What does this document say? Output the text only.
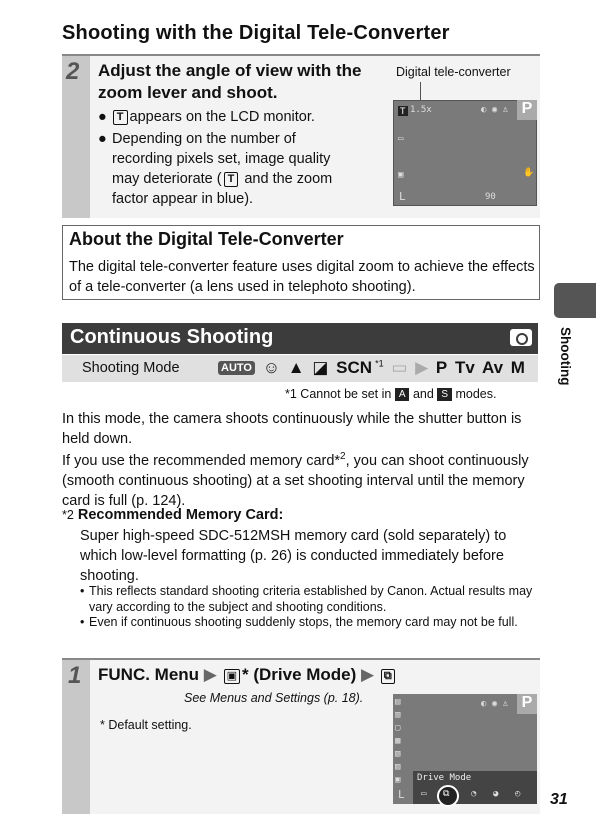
Shooting with the Digital Tele-Converter
2 Adjust the angle of view with the zoom lever and shoot.
● T appears on the LCD monitor.
● Depending on the number of recording pixels set, image quality may deteriorate ( T and the zoom factor appear in blue).
Digital tele-converter
T 1.5x	◐ ◉ ♙ P
▭
▣	✋
L	90
About the Digital Tele-Converter
The digital tele-converter feature uses digital zoom to achieve the effects of a tele-converter (a lens used in telephoto shooting).
Shooting
Continuous Shooting
Shooting Mode	AUTO ☺ ▲ ◪ SCN $^{*1}$ ▭ ▶ P Tv Av M
*1 Cannot be set in A and S modes.
In this mode, the camera shoots continuously while the shutter button is held down.
If you use the recommended memory card*$^2$, you can shoot continuously (smooth continuous shooting) at a set shooting interval until the memory card is full (p. 124).
*2 Recommended Memory Card:
Super high-speed SDC-512MSH memory card (sold separately) to which low-level formatting (p. 26) is conducted immediately before shooting.
• This reflects standard shooting criteria established by Canon. Actual results may vary according to the subject and shooting conditions.
• Even if continuous shooting suddenly stops, the memory card may not be full.
1 FUNC. Menu ▶ ▣ * (Drive Mode) ▶ ⧉
See Menus and Settings (p. 18).
* Default setting.
P
◐ ◉ ♙
▤
▥
▢
▦
▧
▨
▣
L
Drive Mode
▭ ⧉ ◔ ◕ ◴ 31
